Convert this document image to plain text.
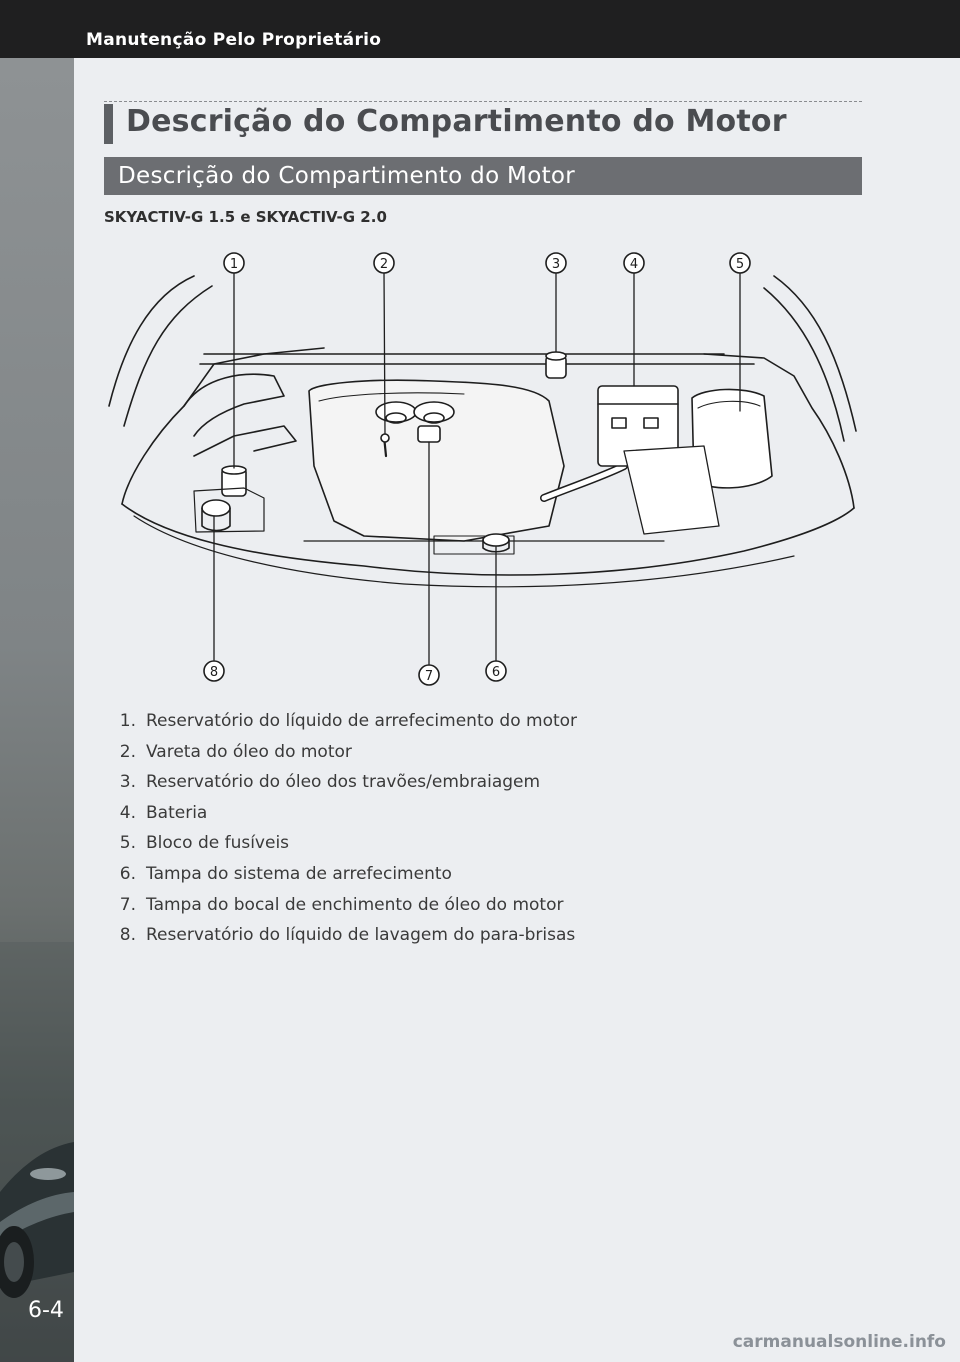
Manutenção Pelo Proprietário
6-4
Descrição do Compartimento do Motor
Descrição do Compartimento do Motor
SKYACTIV-G 1.5 e SKYACTIV-G 2.0
1	2	3	4	5
6
7
8
1. Reservatório do líquido de arrefecimento do motor
2. Vareta do óleo do motor
3. Reservatório do óleo dos travões/embraiagem
4. Bateria
5. Bloco de fusíveis
6. Tampa do sistema de arrefecimento
7. Tampa do bocal de enchimento de óleo do motor
8. Reservatório do líquido de lavagem do para-brisas
carmanualsonline.info
